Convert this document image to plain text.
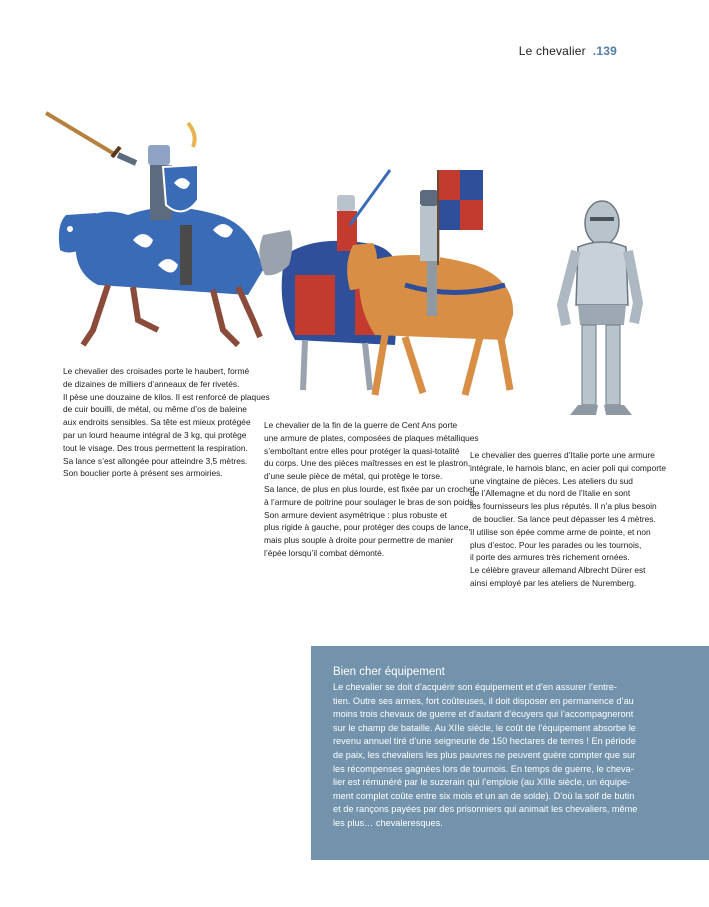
Le chevalier .139
Le chevalier des croisades porte le haubert, formé
de dizaines de milliers d’anneaux de fer rivetés.
Il pèse une douzaine de kilos. Il est renforcé de plaques
de cuir bouilli, de métal, ou même d’os de baleine
aux endroits sensibles. Sa tête est mieux protégée
par un lourd heaume intégral de 3 kg, qui protège
tout le visage. Des trous permettent la respiration.
Sa lance s’est allongée pour atteindre 3,5 mètres.
Son bouclier porte à présent ses armoiries.
Le chevalier de la fin de la guerre de Cent Ans porte
une armure de plates, composées de plaques métalliques
s’emboîtant entre elles pour protéger la quasi-totalité
du corps. Une des pièces maîtresses en est le plastron,
d’une seule pièce de métal, qui protège le torse.
Sa lance, de plus en plus lourde, est fixée par un crochet
à l’armure de poitrine pour soulager le bras de son poids.
Son armure devient asymétrique : plus robuste et
plus rigide à gauche, pour protéger des coups de lance,
mais plus souple à droite pour permettre de manier
l’épée lorsqu’il combat démonté.
Le chevalier des guerres d’Italie porte une armure
intégrale, le harnois blanc, en acier poli qui comporte
une vingtaine de pièces. Les ateliers du sud
de l’Allemagne et du nord de l’Italie en sont
les fournisseurs les plus réputés. Il n’a plus besoin
de bouclier. Sa lance peut dépasser les 4 mètres.
Il utilise son épée comme arme de pointe, et non
plus d’estoc. Pour les parades ou les tournois,
il porte des armures très richement ornées.
Le célèbre graveur allemand Albrecht Dürer est
ainsi employé par les ateliers de Nuremberg.
Bien cher équipement
Le chevalier se doit d’acquérir son équipement et d’en assurer l’entre-
tien. Outre ses armes, fort coûteuses, il doit disposer en permanence d’au
moins trois chevaux de guerre et d’autant d’écuyers qui l’accompagneront
sur le champ de bataille. Au XIIe siècle, le coût de l’équipement absorbe le
revenu annuel tiré d’une seigneurie de 150 hectares de terres ! En période
de paix, les chevaliers les plus pauvres ne peuvent guère compter que sur
les récompenses gagnées lors de tournois. En temps de guerre, le cheva-
lier est rémunéré par le suzerain qui l’emploie (au XIIIe siècle, un équipe-
ment complet coûte entre six mois et un an de solde). D’où la soif de butin
et de rançons payées par des prisonniers qui animait les chevaliers, même
les plus… chevaleresques.
